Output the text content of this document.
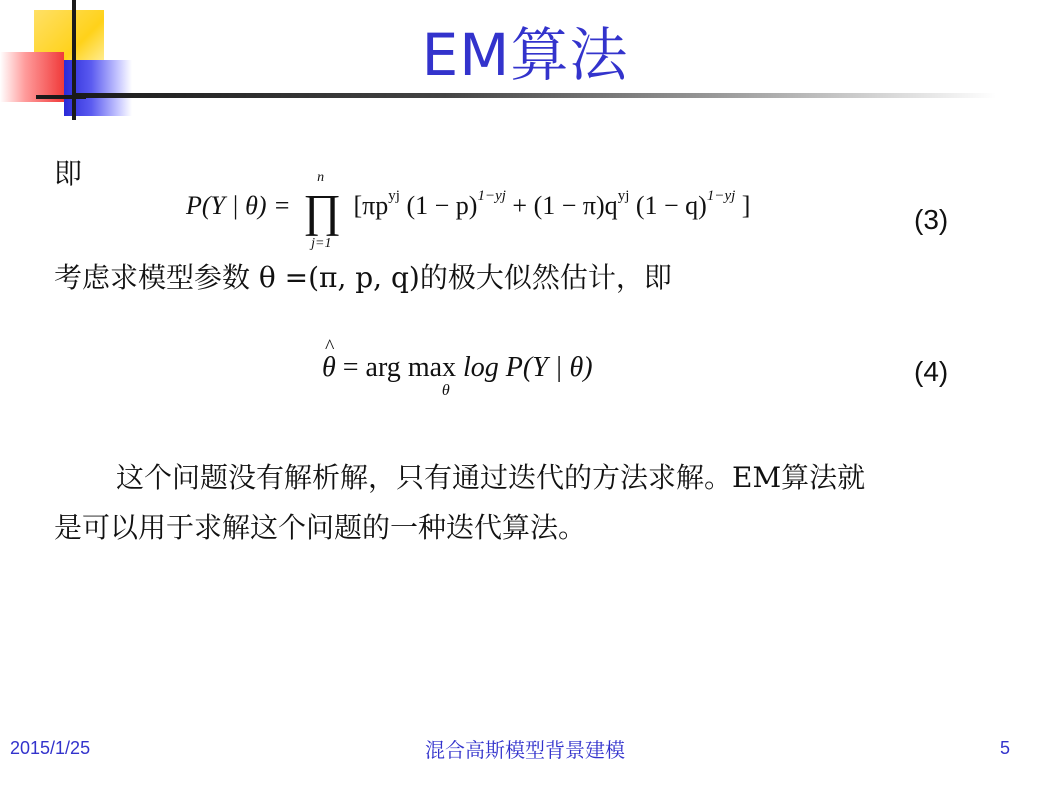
EM算法
即
P(Y | θ) = ∏
n
j=1
[$\pi p^{yj}$ $(1 - p)^{1-yj} + (1 - \pi)q^{yj}$ $(1 - q)^{1-yj}$ ]	(3)
考虑求模型参数 θ =(π, p, q)的极大似然估计，即
^ θ = arg max
θ
log P(Y | θ)	(4)
这个问题没有解析解，只有通过迭代的方法求解。EM算法就
是可以用于求解这个问题的一种迭代算法。
2015/1/25	混合高斯模型背景建模	5
